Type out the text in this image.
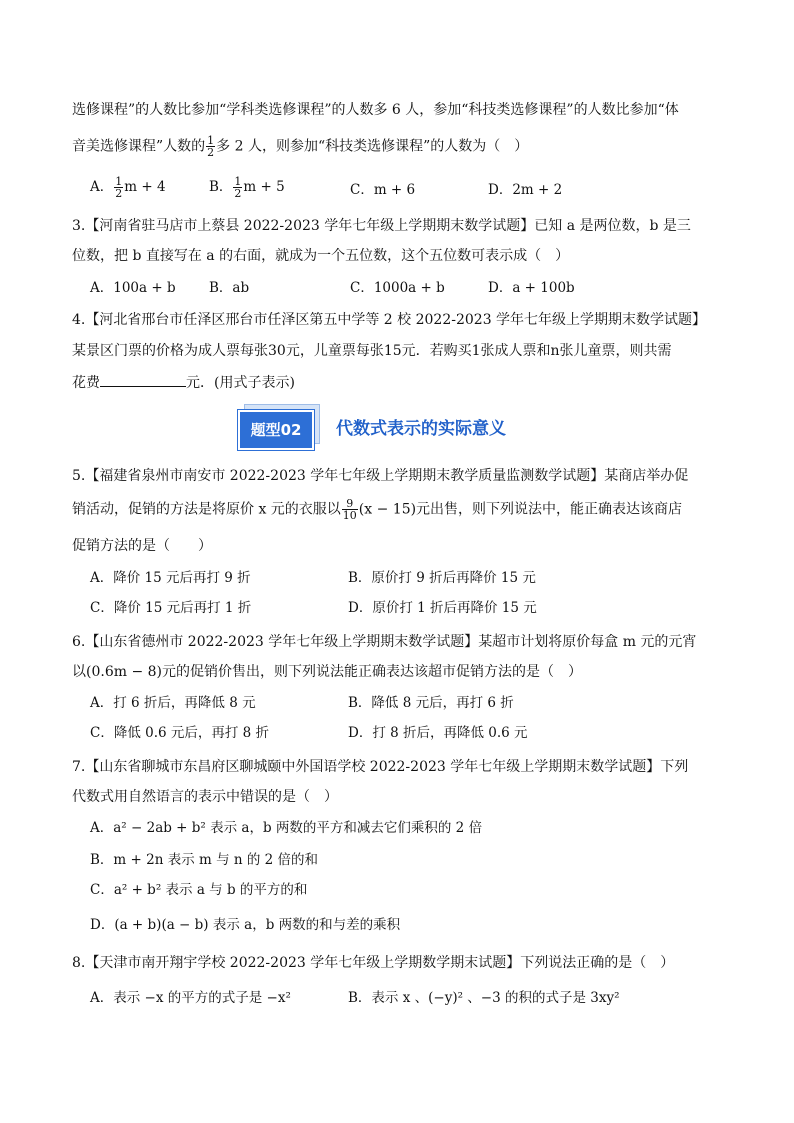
选修课程”的人数比参加“学科类选修课程”的人数多 6 人，参加“科技类选修课程”的人数比参加“体
音美选修课程”人数的 $\frac{1}{2}$ 多 2 人，则参加“科技类选修课程”的人数为（　）
A． $\frac{1}{2}$ m + 4	B． $\frac{1}{2}$ m + 5	C．m + 6	D．2m + 2
3.【河南省驻马店市上蔡县 2022-2023 学年七年级上学期期末数学试题】已知 a 是两位数，b 是三
位数，把 b 直接写在 a 的右面，就成为一个五位数，这个五位数可表示成（　）
A．100a + b B．ab	C．1000a + b	D．a + 100b
4.【河北省邢台市任泽区邢台市任泽区第五中学等 2 校 2022-2023 学年七年级上学期期末数学试题】
某景区门票的价格为成人票每张30元，儿童票每张15元．若购买1张成人票和n张儿童票，则共需
花费	元．(用式子表示)
题型02	代数式表示的实际意义
5.【福建省泉州市南安市 2022-2023 学年七年级上学期期末教学质量监测数学试题】某商店举办促
销活动，促销的方法是将原价 x 元的衣服以 $\frac{9}{10} (x - 15)$元出售，则下列说法中，能正确表达该商店
促销方法的是（　　）
A．降价 15 元后再打 9 折	B．原价打 9 折后再降价 15 元
C．降价 15 元后再打 1 折	D．原价打 1 折后再降价 15 元
6.【山东省德州市 2022-2023 学年七年级上学期期末数学试题】某超市计划将原价每盒 m 元的元宵
以(0.6m − 8)元的促销价售出，则下列说法能正确表达该超市促销方法的是（　）
A．打 6 折后，再降低 8 元	B．降低 8 元后，再打 6 折
C．降低 0.6 元后，再打 8 折	D．打 8 折后，再降低 0.6 元
7.【山东省聊城市东昌府区聊城颐中外国语学校 2022-2023 学年七年级上学期期末数学试题】下列
代数式用自然语言的表示中错误的是（　）
A．a² − 2ab + b² 表示 a，b 两数的平方和减去它们乘积的 2 倍
B．m + 2n 表示 m 与 n 的 2 倍的和
C．a² + b² 表示 a 与 b 的平方的和
D．(a + b)(a − b) 表示 a，b 两数的和与差的乘积
8.【天津市南开翔宇学校 2022-2023 学年七年级上学期数学期末试题】下列说法正确的是（　）
A．表示 −x 的平方的式子是 −x²	B．表示 x 、(−y)² 、−3 的积的式子是 3xy²
